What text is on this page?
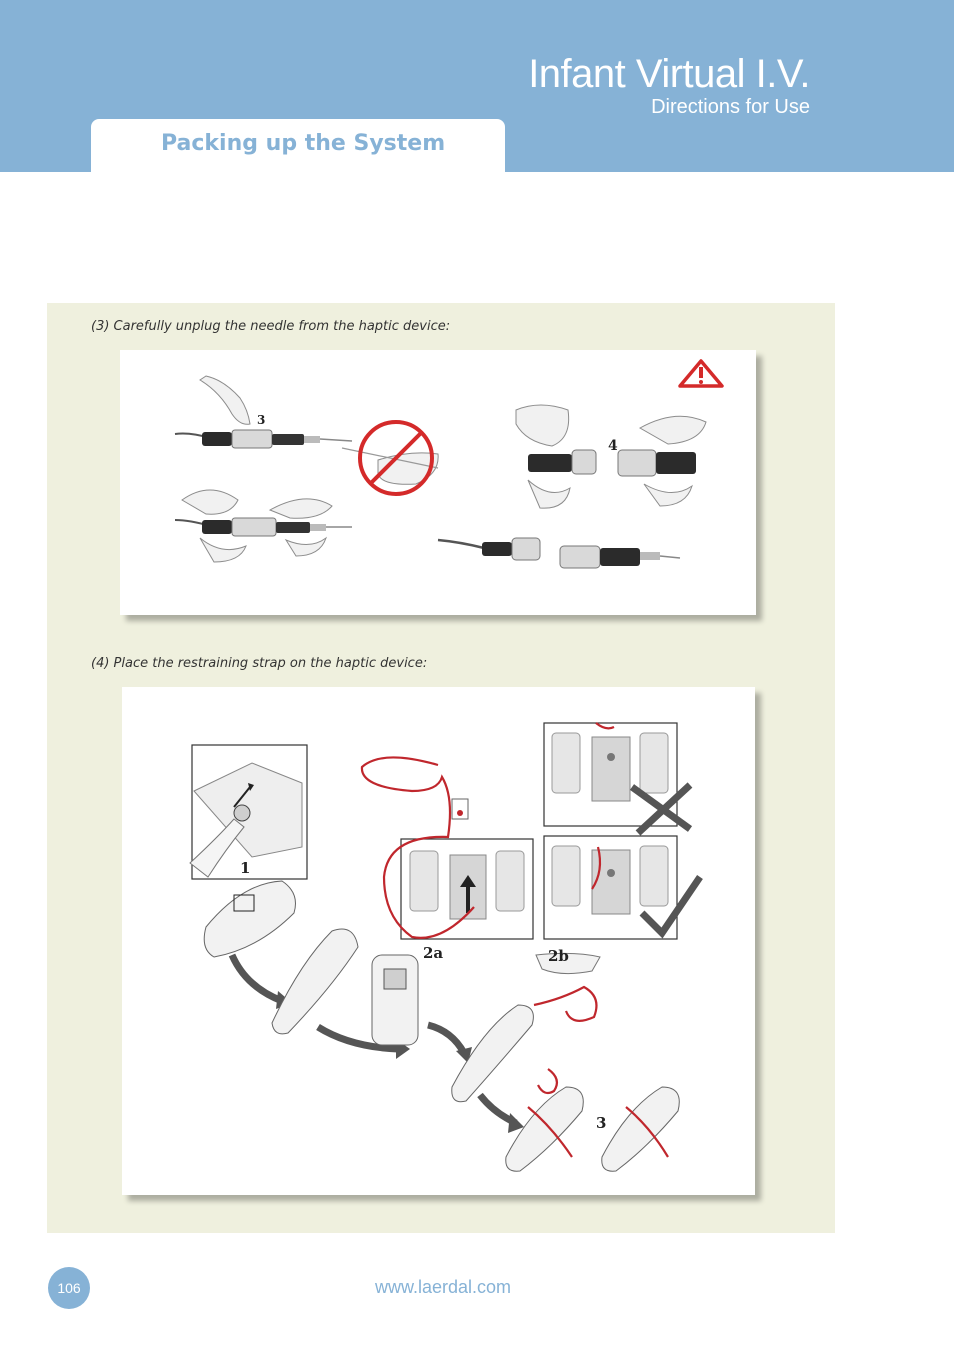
Infant Virtual I.V.
Directions for Use
Packing up the System
(3) Carefully unplug the needle from the haptic device:
3
4
(4) Place the restraining strap on the haptic device:
1
2a	2b
3
106	www.laerdal.com
